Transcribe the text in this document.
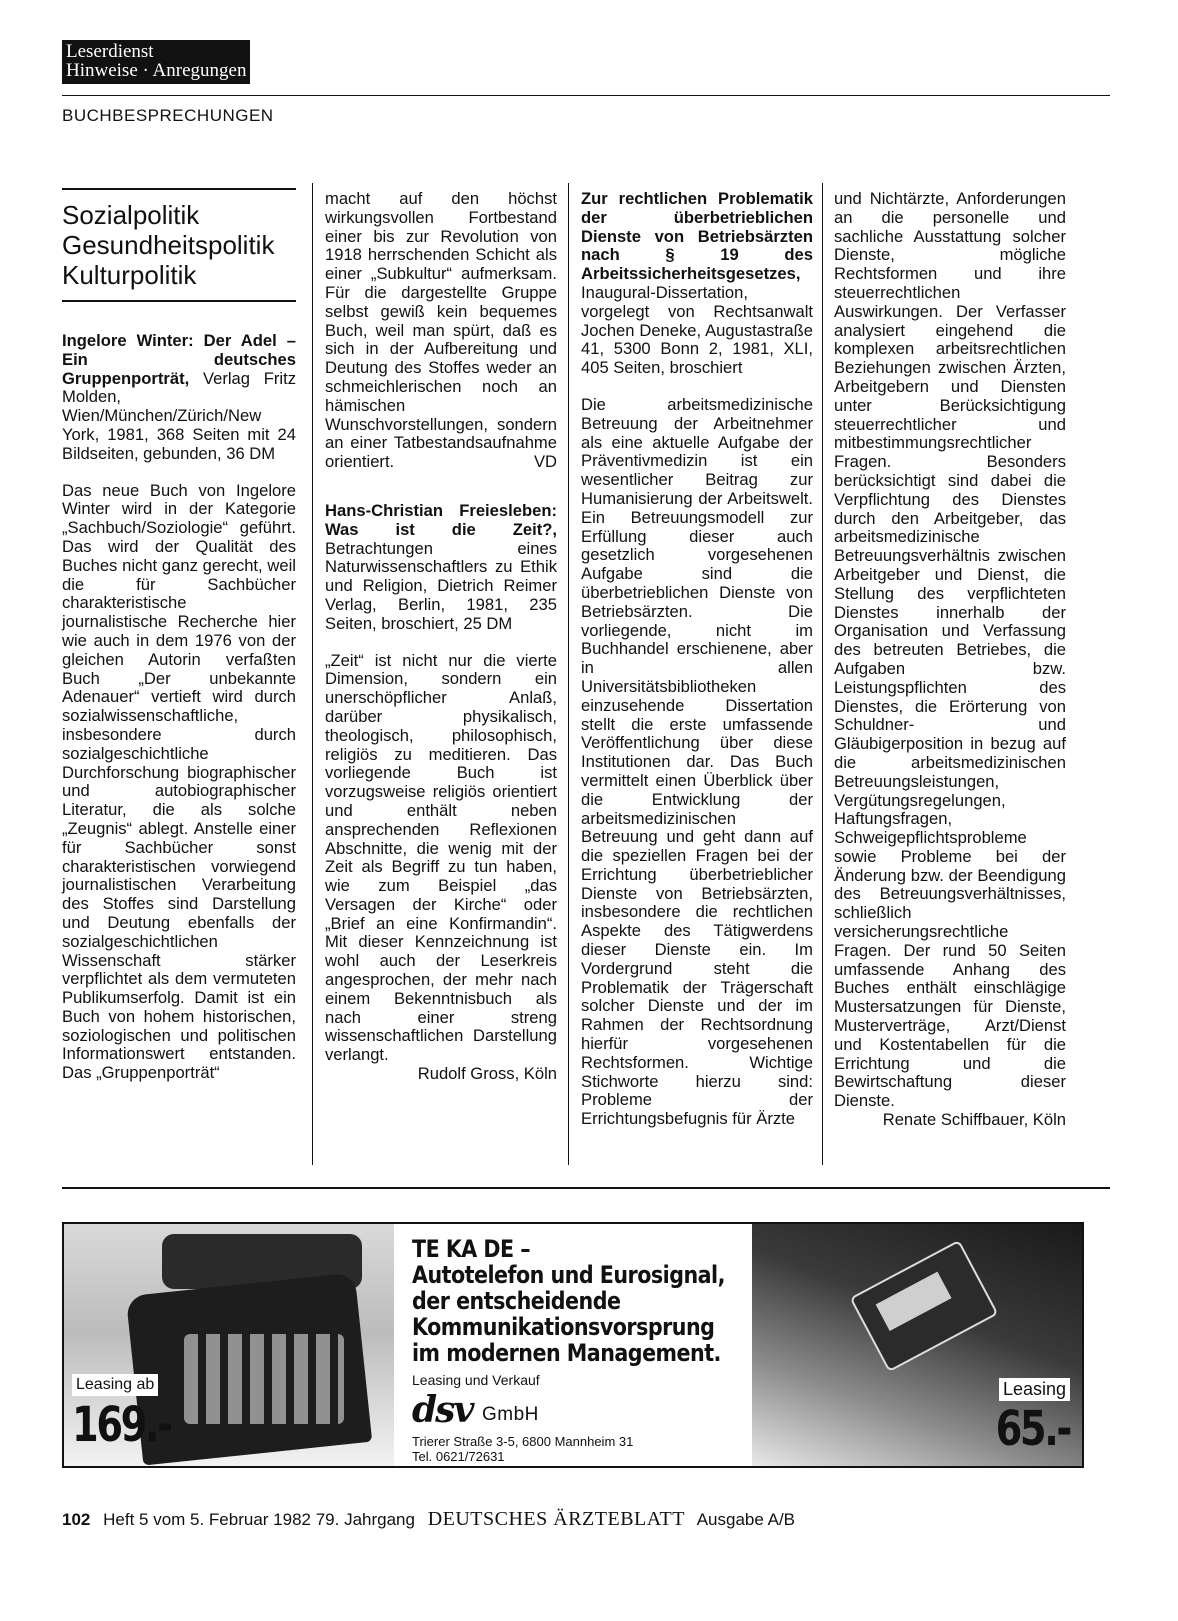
Leserdienst
Hinweise · Anregungen
BUCHBESPRECHUNGEN
Sozialpolitik
Gesundheitspolitik
Kulturpolitik

Ingelore Winter: Der Adel – Ein deutsches Gruppenporträt, Verlag Fritz Molden, Wien/München/Zürich/New York, 1981, 368 Seiten mit 24 Bildseiten, gebunden, 36 DM

Das neue Buch von Ingelore Winter wird in der Kategorie „Sachbuch/Soziologie“ geführt. Das wird der Qualität des Buches nicht ganz gerecht, weil die für Sachbücher charakteristische journalistische Recherche hier wie auch in dem 1976 von der gleichen Autorin verfaßten Buch „Der unbekannte Adenauer“ vertieft wird durch sozialwissenschaftliche, insbesondere durch sozialgeschichtliche Durchforschung biographischer und autobiographischer Literatur, die als solche „Zeugnis“ ablegt. Anstelle einer für Sachbücher sonst charakteristischen vorwiegend journalistischen Verarbeitung des Stoffes sind Darstellung und Deutung ebenfalls der sozialgeschichtlichen Wissenschaft stärker verpflichtet als dem vermuteten Publikumserfolg. Damit ist ein Buch von hohem historischen, soziologischen und politischen Informationswert entstanden. Das „Gruppenporträt“

macht auf den höchst wirkungsvollen Fortbestand einer bis zur Revolution von 1918 herrschenden Schicht als einer „Subkultur“ aufmerksam. Für die dargestellte Gruppe selbst gewiß kein bequemes Buch, weil man spürt, daß es sich in der Aufbereitung und Deutung des Stoffes weder an schmeichlerischen noch an hämischen Wunschvorstellungen, sondern an einer Tatbestandsaufnahme orientiert.	VD

Hans-Christian Freiesleben: Was ist die Zeit?, Betrachtungen eines Naturwissenschaftlers zu Ethik und Religion, Dietrich Reimer Verlag, Berlin, 1981, 235 Seiten, broschiert, 25 DM

„Zeit“ ist nicht nur die vierte Dimension, sondern ein unerschöpflicher Anlaß, darüber physikalisch, theologisch, philosophisch, religiös zu meditieren. Das vorliegende Buch ist vorzugsweise religiös orientiert und enthält neben ansprechenden Reflexionen Abschnitte, die wenig mit der Zeit als Begriff zu tun haben, wie zum Beispiel „das Versagen der Kirche“ oder „Brief an eine Konfirmandin“. Mit dieser Kennzeichnung ist wohl auch der Leserkreis angesprochen, der mehr nach einem Bekenntnisbuch als nach einer streng wissenschaftlichen Darstellung verlangt.

Rudolf Gross, Köln

Zur rechtlichen Problematik der überbetrieblichen Dienste von Betriebsärzten nach § 19 des Arbeitssicherheitsgesetzes, Inaugural-Dissertation, vorgelegt von Rechtsanwalt Jochen Deneke, Augustastraße 41, 5300 Bonn 2, 1981, XLI, 405 Seiten, broschiert

Die arbeitsmedizinische Betreuung der Arbeitnehmer als eine aktuelle Aufgabe der Präventivmedizin ist ein wesentlicher Beitrag zur Humanisierung der Arbeitswelt. Ein Betreuungsmodell zur Erfüllung dieser auch gesetzlich vorgesehenen Aufgabe sind die überbetrieblichen Dienste von Betriebsärzten. Die vorliegende, nicht im Buchhandel erschienene, aber in allen Universitätsbibliotheken einzusehende Dissertation stellt die erste umfassende Veröffentlichung über diese Institutionen dar. Das Buch vermittelt einen Überblick über die Entwicklung der arbeitsmedizinischen Betreuung und geht dann auf die speziellen Fragen bei der Errichtung überbetrieblicher Dienste von Betriebsärzten, insbesondere die rechtlichen Aspekte des Tätigwerdens dieser Dienste ein. Im Vordergrund steht die Problematik der Trägerschaft solcher Dienste und der im Rahmen der Rechtsordnung hierfür vorgesehenen Rechtsformen. Wichtige Stichworte hierzu sind: Probleme der Errichtungsbefugnis für Ärzte

und Nichtärzte, Anforderungen an die personelle und sachliche Ausstattung solcher Dienste, mögliche Rechtsformen und ihre steuerrechtlichen Auswirkungen. Der Verfasser analysiert eingehend die komplexen arbeitsrechtlichen Beziehungen zwischen Ärzten, Arbeitgebern und Diensten unter Berücksichtigung steuerrechtlicher und mitbestimmungsrechtlicher Fragen. Besonders berücksichtigt sind dabei die Verpflichtung des Dienstes durch den Arbeitgeber, das arbeitsmedizinische Betreuungsverhältnis zwischen Arbeitgeber und Dienst, die Stellung des verpflichteten Dienstes innerhalb der Organisation und Verfassung des betreuten Betriebes, die Aufgaben bzw. Leistungspflichten des Dienstes, die Erörterung von Schuldner- und Gläubigerposition in bezug auf die arbeitsmedizinischen Betreuungsleistungen, Vergütungsregelungen, Haftungsfragen, Schweigepflichtsprobleme sowie Probleme bei der Änderung bzw. der Beendigung des Betreuungsverhältnisses, schließlich versicherungsrechtliche Fragen. Der rund 50 Seiten umfassende Anhang des Buches enthält einschlägige Mustersatzungen für Dienste, Musterverträge, Arzt/Dienst und Kostentabellen für die Errichtung und die Bewirtschaftung dieser Dienste.

Renate Schiffbauer, Köln
Leasing ab
169.-
TE KA DE –
Autotelefon und Eurosignal,
der entscheidende
Kommunikationsvorsprung
im modernen Management.
Leasing und Verkauf
dsv GmbH
Trierer Straße 3-5, 6800 Mannheim 31
Tel. 0621/72631
Leasing
65.-
102 Heft 5 vom 5. Februar 1982 79. Jahrgang DEUTSCHES ÄRZTEBLATT Ausgabe A/B
